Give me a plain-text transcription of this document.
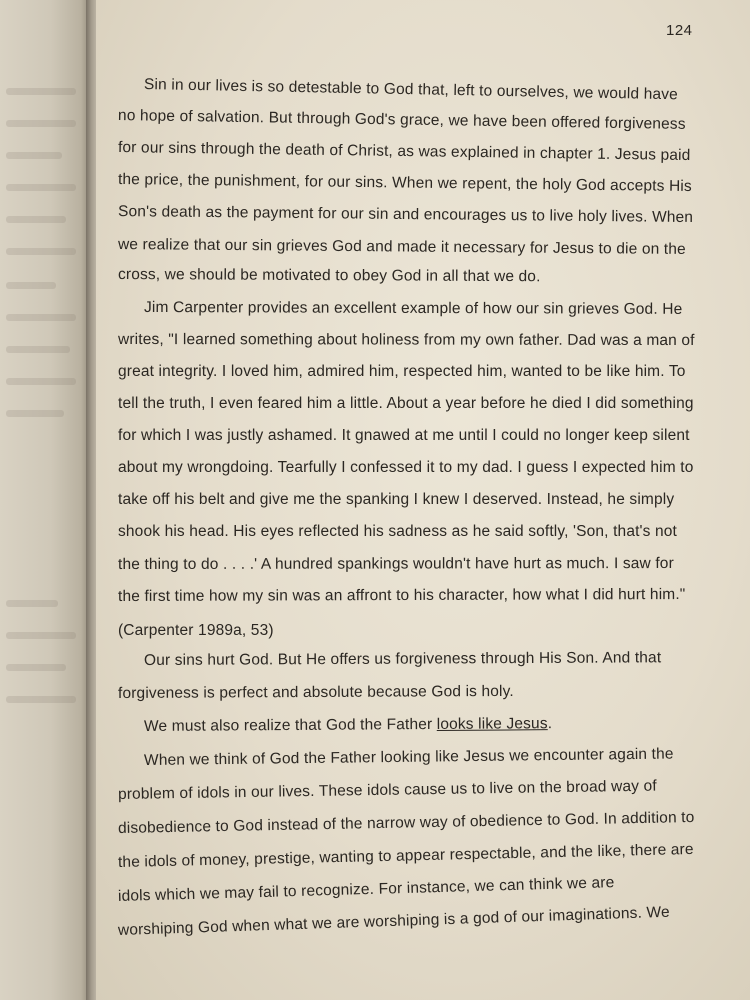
124
Sin in our lives is so detestable to God that, left to ourselves, we would have
no hope of salvation. But through God's grace, we have been offered forgiveness
for our sins through the death of Christ, as was explained in chapter 1. Jesus paid
the price, the punishment, for our sins. When we repent, the holy God accepts His
Son's death as the payment for our sin and encourages us to live holy lives. When
we realize that our sin grieves God and made it necessary for Jesus to die on the
cross, we should be motivated to obey God in all that we do.
Jim Carpenter provides an excellent example of how our sin grieves God. He
writes, "I learned something about holiness from my own father. Dad was a man of
great integrity. I loved him, admired him, respected him, wanted to be like him. To
tell the truth, I even feared him a little. About a year before he died I did something
for which I was justly ashamed. It gnawed at me until I could no longer keep silent
about my wrongdoing. Tearfully I confessed it to my dad. I guess I expected him to
take off his belt and give me the spanking I knew I deserved. Instead, he simply
shook his head. His eyes reflected his sadness as he said softly, 'Son, that's not
the thing to do . . . .' A hundred spankings wouldn't have hurt as much. I saw for
the first time how my sin was an affront to his character, how what I did hurt him."
(Carpenter 1989a, 53)
Our sins hurt God. But He offers us forgiveness through His Son. And that
forgiveness is perfect and absolute because God is holy.
We must also realize that God the Father looks like Jesus.
When we think of God the Father looking like Jesus we encounter again the
problem of idols in our lives. These idols cause us to live on the broad way of
disobedience to God instead of the narrow way of obedience to God. In addition to
the idols of money, prestige, wanting to appear respectable, and the like, there are
idols which we may fail to recognize. For instance, we can think we are
worshiping God when what we are worshiping is a god of our imaginations. We
